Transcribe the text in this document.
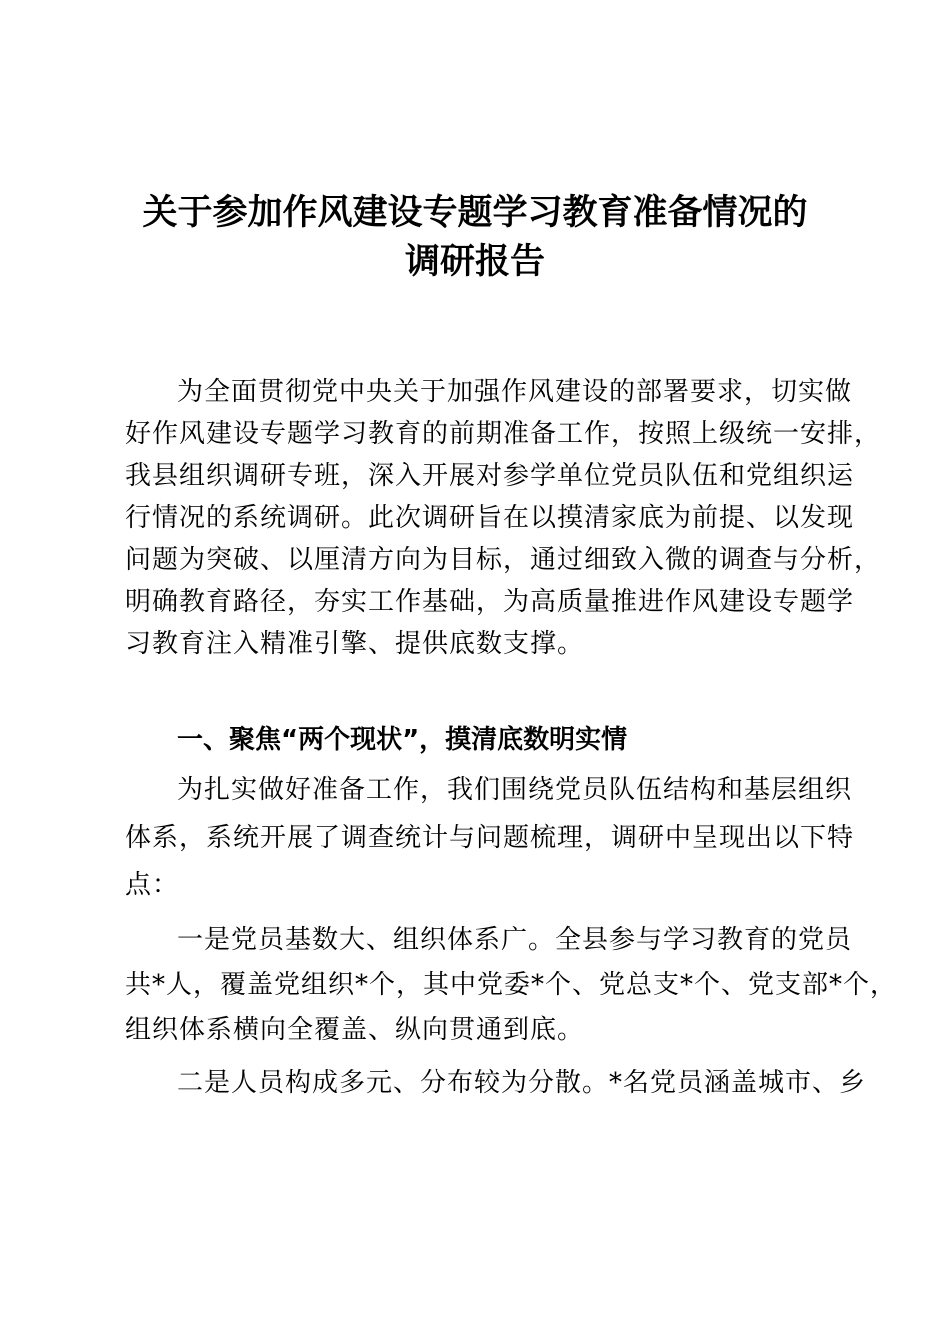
关于参加作风建设专题学习教育准备情况的
调研报告
为全面贯彻党中央关于加强作风建设的部署要求，切实做
好作风建设专题学习教育的前期准备工作，按照上级统一安排，
我县组织调研专班，深入开展对参学单位党员队伍和党组织运
行情况的系统调研。此次调研旨在以摸清家底为前提、以发现
问题为突破、以厘清方向为目标，通过细致入微的调查与分析，
明确教育路径，夯实工作基础，为高质量推进作风建设专题学
习教育注入精准引擎、提供底数支撑。
一、聚焦“两个现状”，摸清底数明实情
为扎实做好准备工作，我们围绕党员队伍结构和基层组织
体系，系统开展了调查统计与问题梳理，调研中呈现出以下特
点：
一是党员基数大、组织体系广。全县参与学习教育的党员
共*人，覆盖党组织*个，其中党委*个、党总支*个、党支部*个，
组织体系横向全覆盖、纵向贯通到底。
二是人员构成多元、分布较为分散。*名党员涵盖城市、乡
